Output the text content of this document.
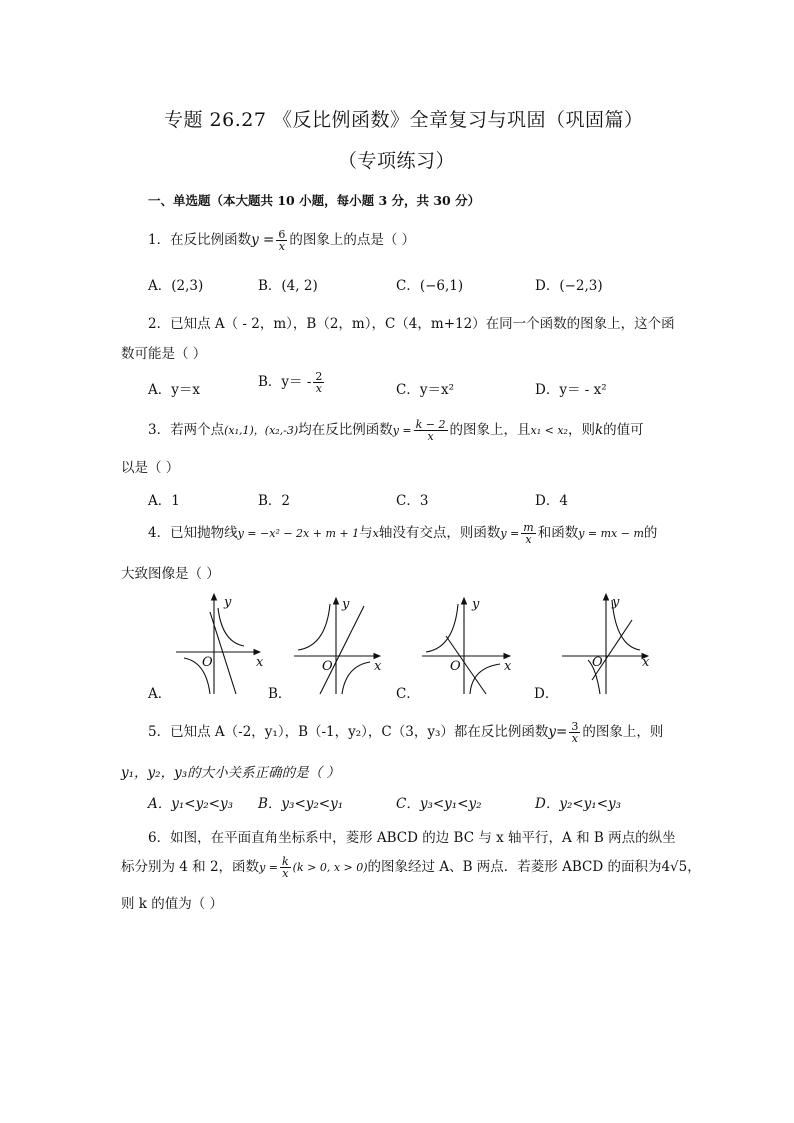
专题 26.27 《反比例函数》全章复习与巩固（巩固篇）
（专项练习）
一、单选题（本大题共 10 小题，每小题 3 分，共 30 分）
1．在反比例函数$y = \frac{6}{x}$ 的图象上的点是（ ）
A．(2,3)	B．(4, 2)	C．(−6,1)	D．(−2,3)
2．已知点 A（ - 2，m），B（2，m），C（4，m+12）在同一个函数的图象上，这个函
数可能是（ ）
A．y＝x	B．$y= - \frac{2}{x}$	C．y＝x²	D．y＝ - x²
3．若两个点(x₁,1)，(x₂,-3)均在反比例函数$y = \frac{k - 2}{x}$ 的图象上，且x₁ < x₂，则k的值可
以是（ ）
A．1	B．2	C．3	D．4
4．已知抛物线y = −x² − 2x + m + 1与x轴没有交点，则函数$y = \frac{m}{x}$ 和函数y = mx − m的
大致图像是（ ）
y
x
O
y
x
O
y
x
O
y
x
O
A．	B．	C．	D．
5．已知点 A（-2，y₁），B（-1，y₂），C（3，y₃）都在反比例函数$y= \frac{3}{x}$ 的图象上，则
y₁，y₂，y₃的大小关系正确的是（ ）
A．y₁<y₂<y₃ B．y₃<y₂<y₁	C．y₃<y₁<y₂	D．y₂<y₁<y₃
6．如图，在平面直角坐标系中，菱形 ABCD 的边 BC 与 x 轴平行，A 和 B 两点的纵坐
标分别为 4 和 2，函数$y = \frac{k}{x} (k > 0$, x > 0)的图象经过 A、B 两点．若菱形 ABCD 的面积为4√5，
则 k 的值为（ ）
